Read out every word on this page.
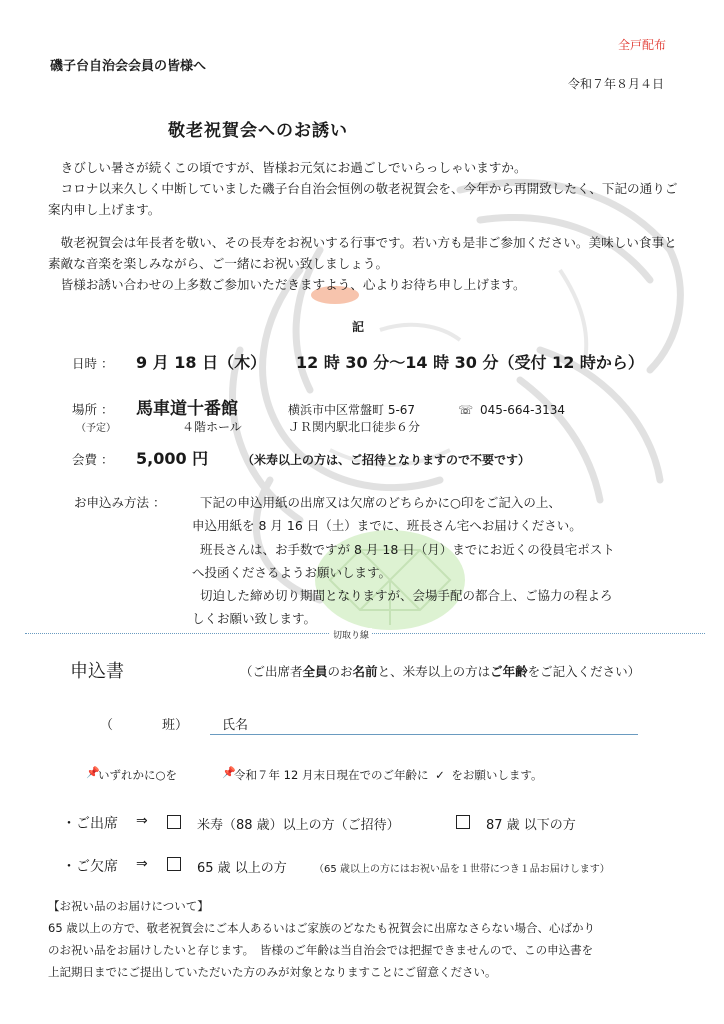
全戸配布
磯子台自治会会員の皆様へ
令和７年８月４日
敬老祝賀会へのお誘い
　きびしい暑さが続くこの頃ですが、皆様お元気にお過ごしでいらっしゃいますか。
　コロナ以来久しく中断していました磯子台自治会恒例の敬老祝賀会を、今年から再開致したく、下記の通りご案内申し上げます。
　敬老祝賀会は年長者を敬い、その長寿をお祝いする行事です。若い方も是非ご参加ください。美味しい食事と素敵な音楽を楽しみながら、ご一緒にお祝い致しましょう。
　皆様お誘い合わせの上多数ご参加いただきますよう、心よりお待ち申し上げます。
記
日時 ：	9 月 18 日（木）	12 時 30 分～14 時 30 分（受付 12 時から）
場所 ：	馬車道十番館	横浜市中区常盤町 5-67	☏ 045-664-3134
（予定）	４階ホール	ＪＲ関内駅北口徒歩６分
会費 ：	5,000 円	（米寿以上の方は、ご招待となりますので不要です）
お申込み方法 ：	下記の申込用紙の出席又は欠席のどちらかに○印をご記入の上、
申込用紙を 8 月 16 日（土）までに、班長さん宅へお届けください。
班長さんは、お手数ですが 8 月 18 日（月）までにお近くの役員宅ポスト
へ投函くださるようお願いします。
切迫した締め切り期間となりますが、会場手配の都合上、ご協力の程よろ
しくお願い致します。
切取り線
申込書	（ご出席者全員のお名前と、米寿以上の方はご年齢をご記入ください）
（	班）	氏名
📌
いずれかに○を	📌
令和７年 12 月末日現在でのご年齢に ✓ をお願いします。
・ご出席 ⇒	米寿（88 歳）以上の方（ご招待）	87 歳 以下の方
・ご欠席 ⇒	65 歳 以上の方	（65 歳以上の方にはお祝い品を１世帯につき１品お届けします）
【お祝い品のお届けについて】
65 歳以上の方で、敬老祝賀会にご本人あるいはご家族のどなたも祝賀会に出席なさらない場合、心ばかり
のお祝い品をお届けしたいと存じます。　皆様のご年齢は当自治会では把握できませんので、この申込書を
上記期日までにご提出していただいた方のみが対象となりますことにご留意ください。
